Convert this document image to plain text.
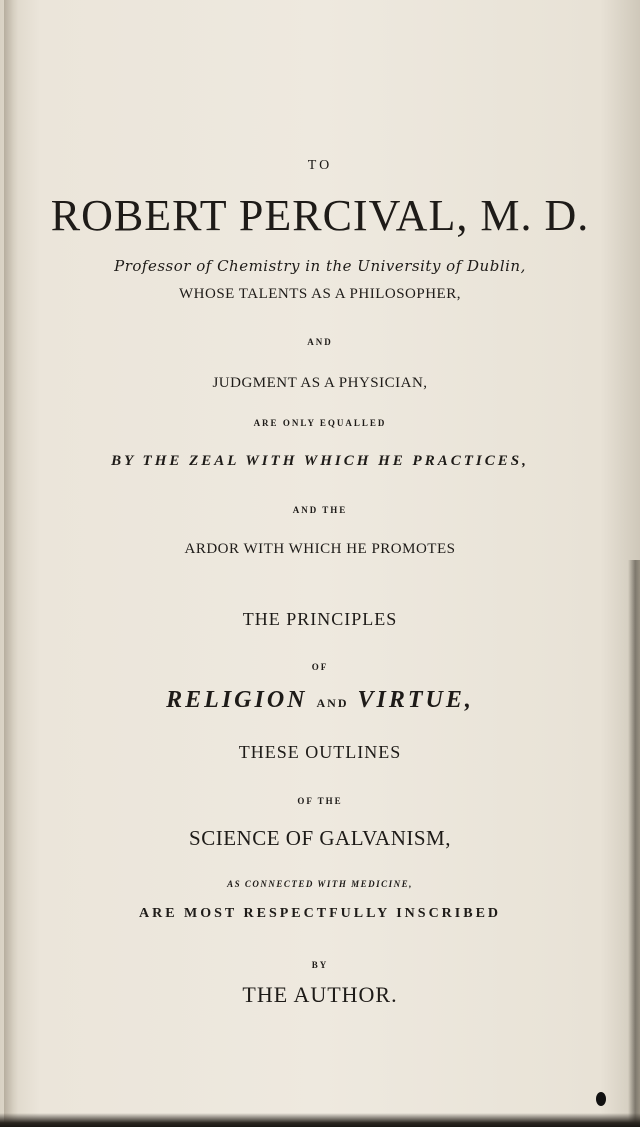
TO
ROBERT PERCIVAL, M. D.
Professor of Chemistry in the University of Dublin,
WHOSE TALENTS AS A PHILOSOPHER,
AND
JUDGMENT AS A PHYSICIAN,
ARE ONLY EQUALLED
BY THE ZEAL WITH WHICH HE PRACTICES,
AND THE
ARDOR WITH WHICH HE PROMOTES
THE PRINCIPLES
OF
RELIGION AND VIRTUE,
THESE OUTLINES
OF THE
SCIENCE OF GALVANISM,
AS CONNECTED WITH MEDICINE,
ARE MOST RESPECTFULLY INSCRIBED
BY
THE AUTHOR.
